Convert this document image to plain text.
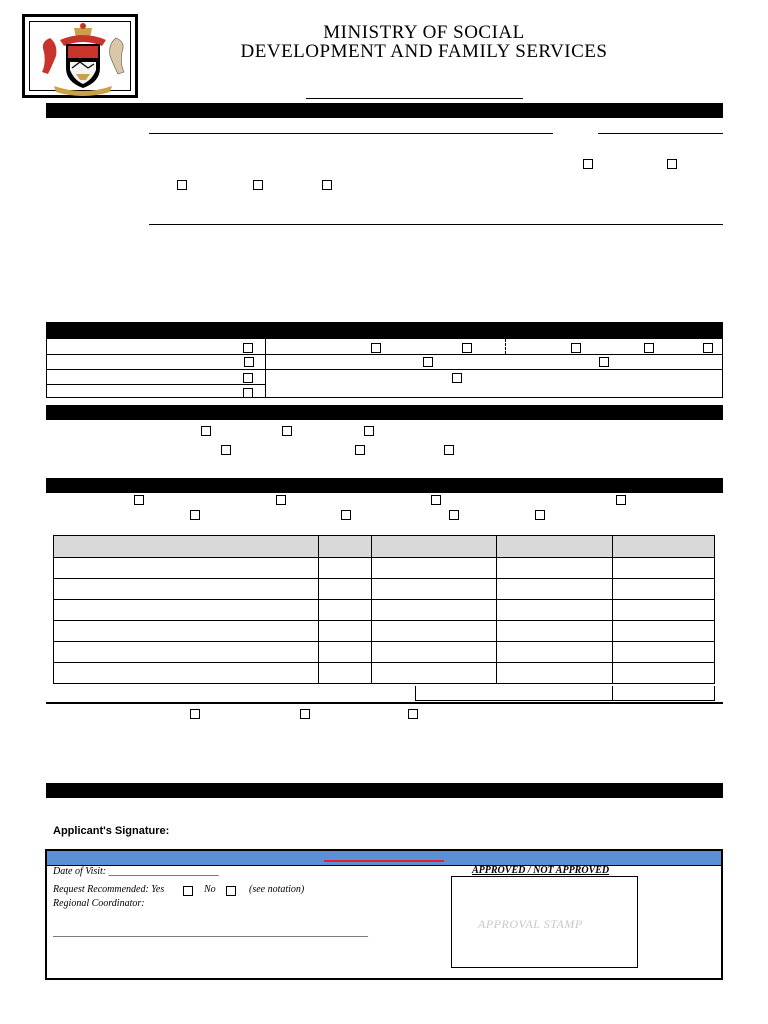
MINISTRY OF SOCIAL
DEVELOPMENT AND FAMILY SERVICES

Applicant's Signature:
Date of Visit: ______________________
Request Recommended: Yes	No	(see notation)
Regional Coordinator:
_______________________________________________________________
APPROVED / NOT APPROVED
APPROVAL STAMP
